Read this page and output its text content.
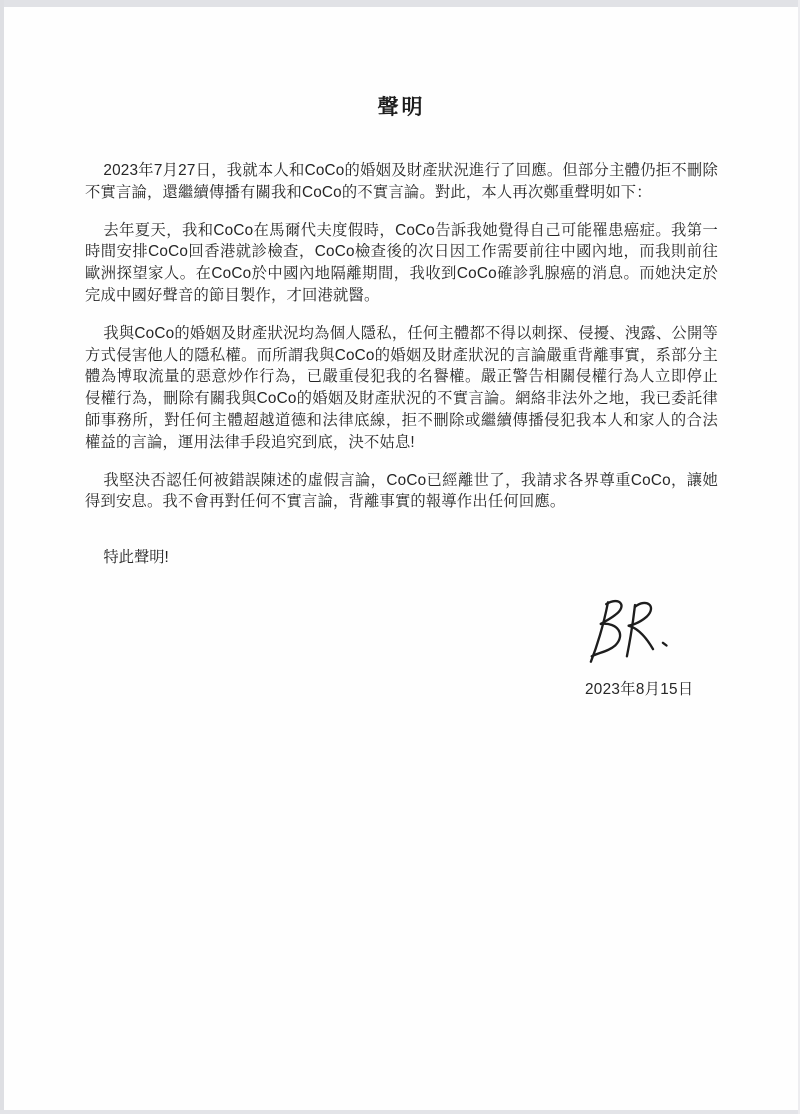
聲明

2023年7月27日，我就本人和CoCo的婚姻及財產狀況進行了回應。但部分主體仍拒不刪除不實言論，還繼續傳播有關我和CoCo的不實言論。對此，本人再次鄭重聲明如下：

去年夏天，我和CoCo在馬爾代夫度假時，CoCo告訴我她覺得自己可能罹患癌症。我第一時間安排CoCo回香港就診檢查，CoCo檢查後的次日因工作需要前往中國內地，而我則前往歐洲探望家人。在CoCo於中國內地隔離期間，我收到CoCo確診乳腺癌的消息。而她決定於完成中國好聲音的節目製作，才回港就醫。

我與CoCo的婚姻及財產狀況均為個人隱私，任何主體都不得以刺探、侵擾、洩露、公開等方式侵害他人的隱私權。而所謂我與CoCo的婚姻及財產狀況的言論嚴重背離事實，系部分主體為博取流量的惡意炒作行為，已嚴重侵犯我的名譽權。嚴正警告相關侵權行為人立即停止侵權行為，刪除有關我與CoCo的婚姻及財產狀況的不實言論。網絡非法外之地，我已委託律師事務所，對任何主體超越道德和法律底線，拒不刪除或繼續傳播侵犯我本人和家人的合法權益的言論，運用法律手段追究到底，決不姑息!

我堅決否認任何被錯誤陳述的虛假言論，CoCo已經離世了，我請求各界尊重CoCo，讓她得到安息。我不會再對任何不實言論，背離事實的報導作出任何回應。

特此聲明!

2023年8月15日
